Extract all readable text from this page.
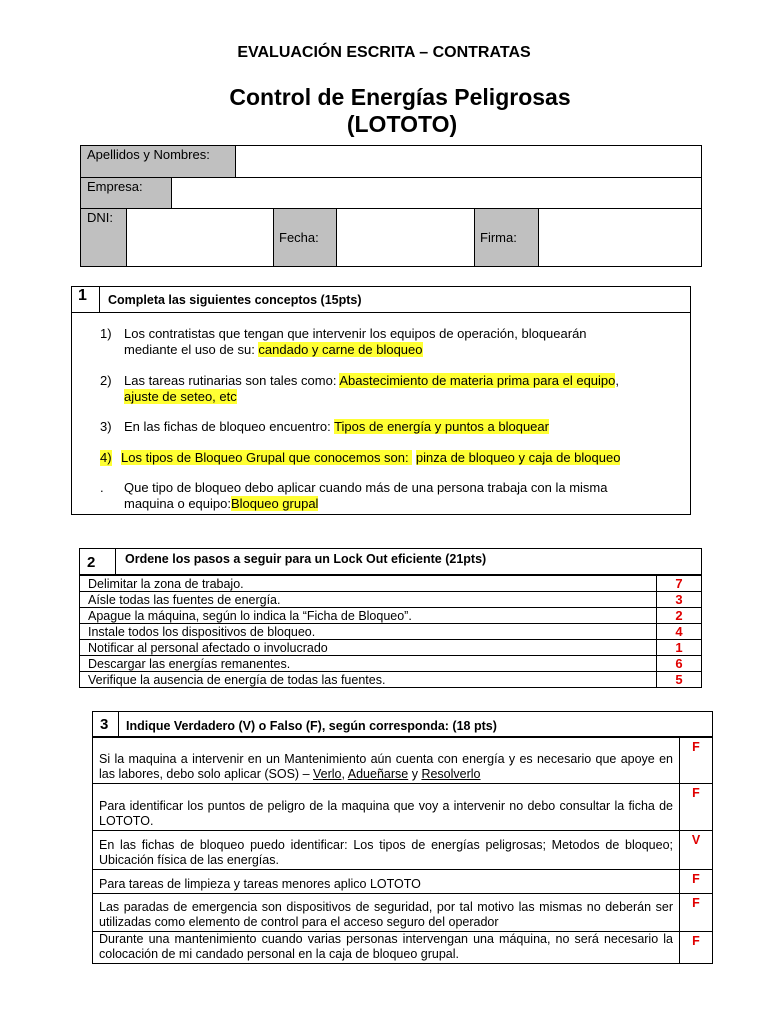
EVALUACIÓN ESCRITA – CONTRATAS
Control de Energías Peligrosas
(LOTOTO)
Apellidos y Nombres:
Empresa:
DNI:
Fecha:	Firma:
1	Completa las siguientes conceptos (15pts)
1) Los contratistas que tengan que intervenir los equipos de operación, bloquearán
mediante el uso de su: candado y carne de bloqueo
2) Las tareas rutinarias son tales como: Abastecimiento de materia prima para el equipo,
ajuste de seteo, etc
3) En las fichas de bloqueo encuentro: Tipos de energía y puntos a bloquear
4) Los tipos de Bloqueo Grupal que conocemos son:  pinza de bloqueo y caja de bloqueo
. Que tipo de bloqueo debo aplicar cuando más de una persona trabaja con la misma
maquina o equipo:Bloqueo grupal
2	Ordene los pasos a seguir para un Lock Out eficiente (21pts)
Delimitar la zona de trabajo.	7
Aísle todas las fuentes de energía.	3
Apague la máquina, según lo indica la “Ficha de Bloqueo”.	2
Instale todos los dispositivos de bloqueo.	4
Notificar al personal afectado o involucrado	1
Descargar las energías remanentes.	6
Verifique la ausencia de energía de todas las fuentes.	5
3	Indique Verdadero (V) o Falso (F), según corresponda: (18 pts)
Si la maquina a intervenir en un Mantenimiento aún cuenta con energía y es necesario que apoye en las labores, debo solo aplicar (SOS) – Verlo, Adueñarse y Resolverlo	F
Para identificar los puntos de peligro de la maquina que voy a intervenir no debo consultar la ficha de LOTOTO.	F
En las fichas de bloqueo puedo identificar: Los tipos de energías peligrosas; Metodos de bloqueo; Ubicación física de las energías.	V
Para tareas de limpieza y tareas menores aplico LOTOTO	F
Las paradas de emergencia son dispositivos de seguridad, por tal motivo las mismas no deberán ser utilizadas como elemento de control para el acceso seguro del operador	F
Durante una mantenimiento cuando varias personas intervengan una máquina, no será necesario la colocación de mi candado personal en la caja de bloqueo grupal.	F
